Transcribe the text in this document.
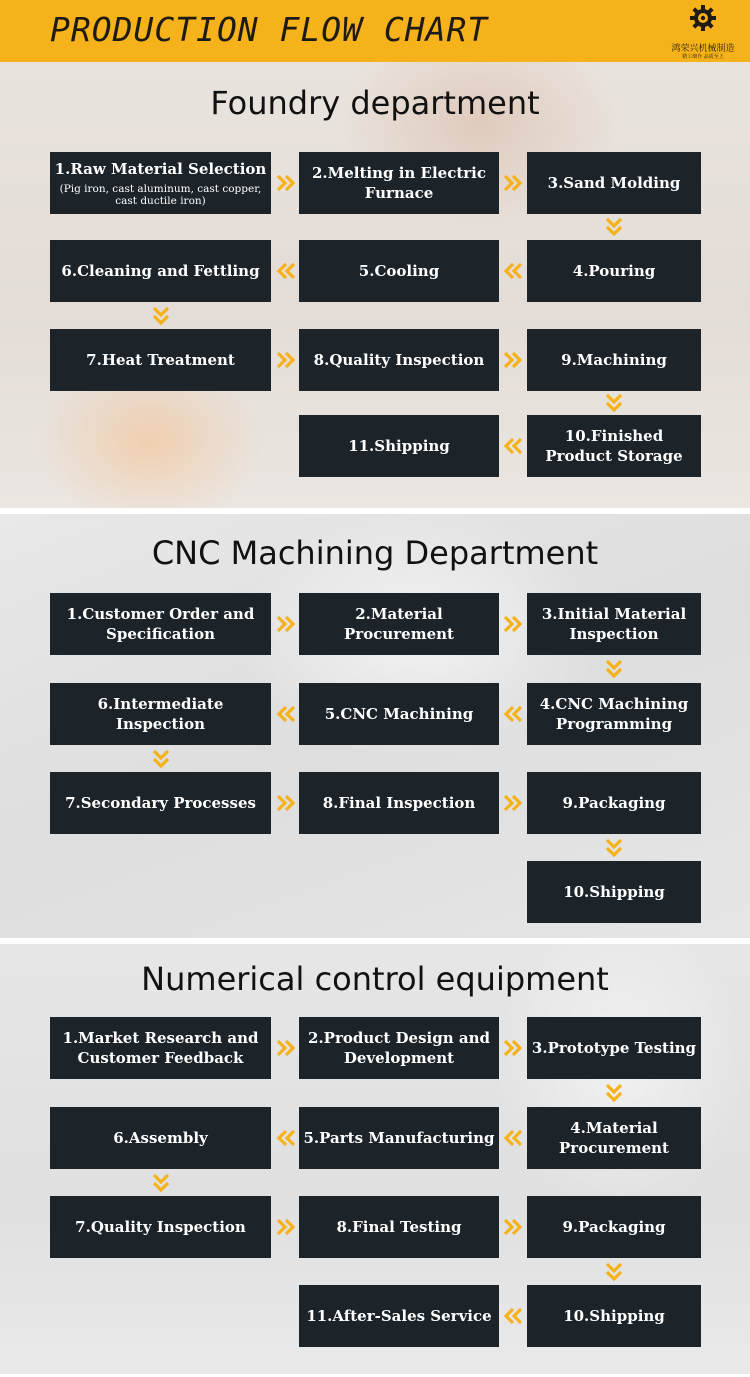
PRODUCTION FLOW CHART	鸿荣兴机械制造
精工细作 品质至上
Foundry department
1.Raw Material Selection
(Pig iron, cast aluminum, cast copper, cast ductile iron)
2.Melting in Electric Furnace
3.Sand Molding
4.Pouring
5.Cooling
6.Cleaning and Fettling
7.Heat Treatment	8.Quality Inspection	9.Machining
10.Finished Product Storage
11.Shipping
CNC Machining Department
1.Customer Order and Specification
2.Material Procurement
3.Initial Material Inspection
4.CNC Machining Programming
5.CNC Machining
6.Intermediate Inspection
7.Secondary Processes	8.Final Inspection	9.Packaging
10.Shipping
Numerical control equipment
1.Market Research and Customer Feedback
2.Product Design and Development
3.Prototype Testing
4.Material Procurement
5.Parts Manufacturing
6.Assembly
7.Quality Inspection	8.Final Testing	9.Packaging
10.Shipping
11.After-Sales Service
